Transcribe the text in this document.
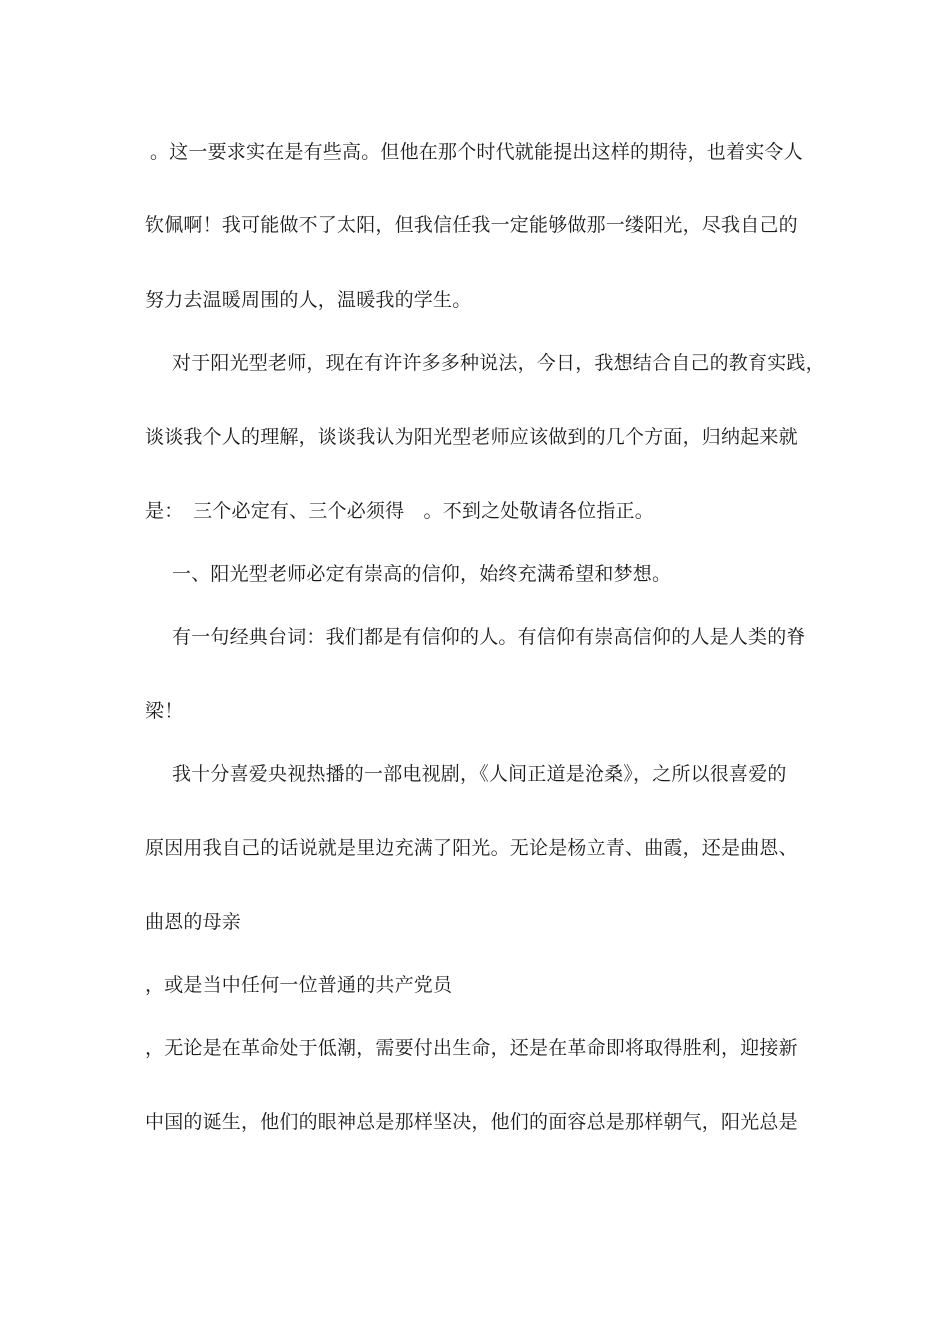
。这一要求实在是有些高。但他在那个时代就能提出这样的期待，也着实令人
钦佩啊！我可能做不了太阳，但我信任我一定能够做那一缕阳光，尽我自己的
努力去温暖周围的人，温暖我的学生。
对于阳光型老师，现在有许许多多种说法，今日，我想结合自己的教育实践，
谈谈我个人的理解，谈谈我认为阳光型老师应该做到的几个方面，归纳起来就
是：　三个必定有、三个必须得　。不到之处敬请各位指正。
一、阳光型老师必定有崇高的信仰，始终充满希望和梦想。
有一句经典台词：我们都是有信仰的人。有信仰有崇高信仰的人是人类的脊
梁！
我十分喜爱央视热播的一部电视剧，《人间正道是沧桑》，之所以很喜爱的
原因用我自己的话说就是里边充满了阳光。无论是杨立青、曲霞，还是曲恩、
曲恩的母亲
，或是当中任何一位普通的共产党员
，无论是在革命处于低潮，需要付出生命，还是在革命即将取得胜利，迎接新
中国的诞生，他们的眼神总是那样坚决，他们的面容总是那样朝气，阳光总是
